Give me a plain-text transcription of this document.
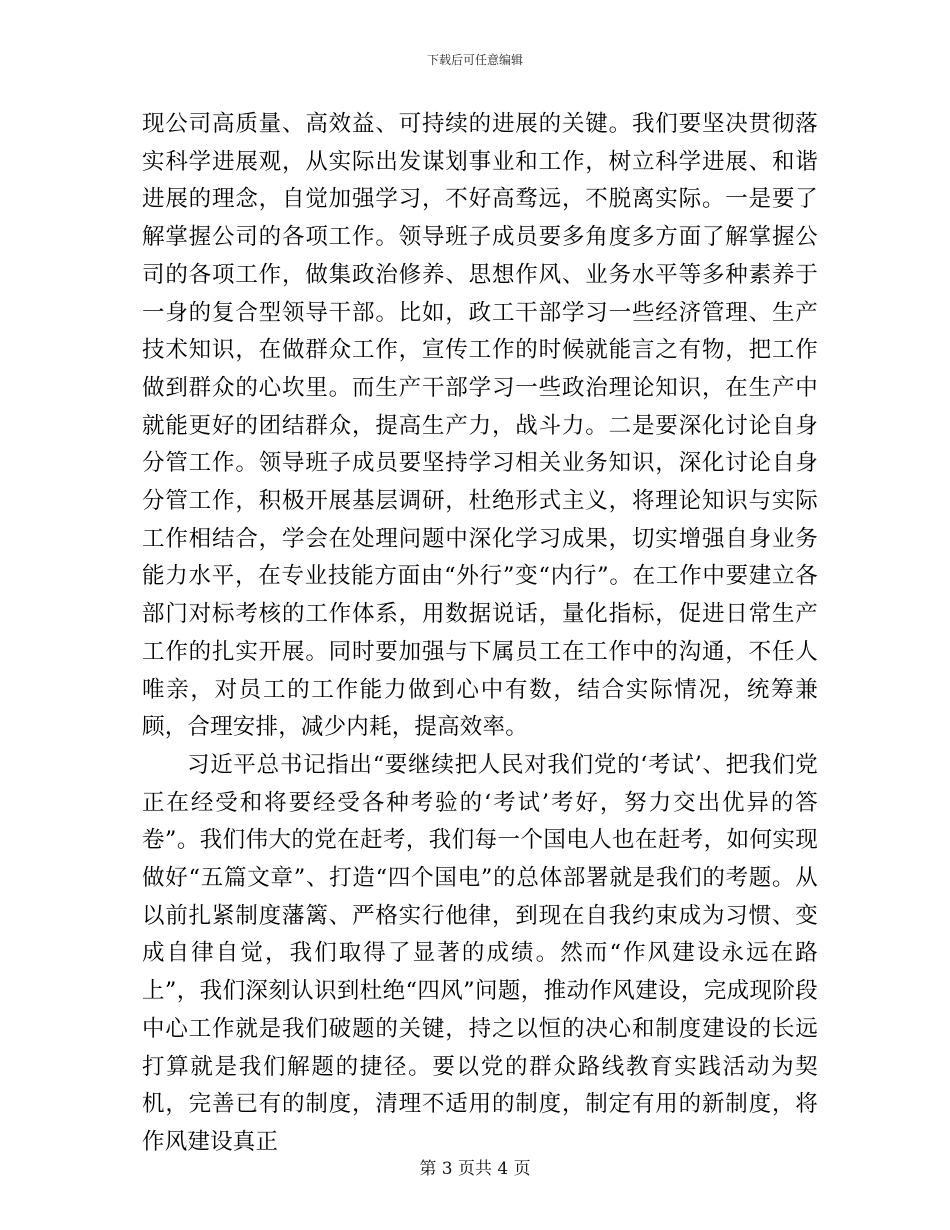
下载后可任意编辑

现公司高质量、高效益、可持续的进展的关键。我们要坚决贯彻落实科学进展观，从实际出发谋划事业和工作，树立科学进展、和谐进展的理念，自觉加强学习，不好高骛远，不脱离实际。一是要了解掌握公司的各项工作。领导班子成员要多角度多方面了解掌握公司的各项工作，做集政治修养、思想作风、业务水平等多种素养于一身的复合型领导干部。比如，政工干部学习一些经济管理、生产技术知识，在做群众工作，宣传工作的时候就能言之有物，把工作做到群众的心坎里。而生产干部学习一些政治理论知识，在生产中就能更好的团结群众，提高生产力，战斗力。二是要深化讨论自身分管工作。领导班子成员要坚持学习相关业务知识，深化讨论自身分管工作，积极开展基层调研，杜绝形式主义，将理论知识与实际工作相结合，学会在处理问题中深化学习成果，切实增强自身业务能力水平，在专业技能方面由“外行”变“内行”。在工作中要建立各部门对标考核的工作体系，用数据说话，量化指标，促进日常生产工作的扎实开展。同时要加强与下属员工在工作中的沟通，不任人唯亲，对员工的工作能力做到心中有数，结合实际情况，统筹兼顾，合理安排，减少内耗，提高效率。

习近平总书记指出“要继续把人民对我们党的‘考试’、把我们党正在经受和将要经受各种考验的‘考试’考好，努力交出优异的答卷”。我们伟大的党在赶考，我们每一个国电人也在赶考，如何实现做好“五篇文章”、打造“四个国电”的总体部署就是我们的考题。从以前扎紧制度藩篱、严格实行他律，到现在自我约束成为习惯、变成自律自觉，我们取得了显著的成绩。然而“作风建设永远在路上”，我们深刻认识到杜绝“四风”问题，推动作风建设，完成现阶段中心工作就是我们破题的关键，持之以恒的决心和制度建设的长远打算就是我们解题的捷径。要以党的群众路线教育实践活动为契机，完善已有的制度，清理不适用的制度，制定有用的新制度，将作风建设真正

第 3 页共 4 页
